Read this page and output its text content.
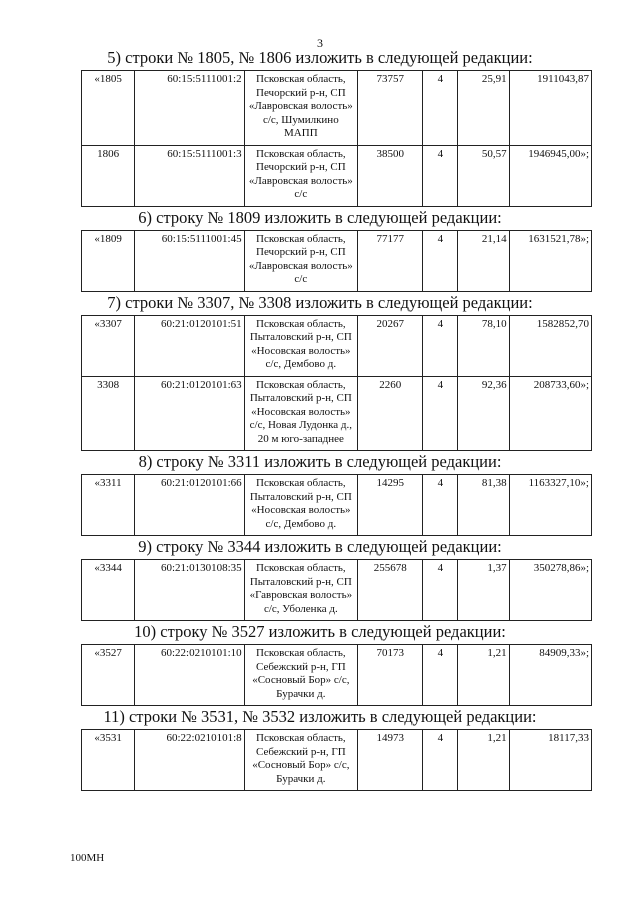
3
5) строки № 1805, № 1806 изложить в следующей редакции:
«1805	60:15:5111001:2	Псковская область, Печорский р-н, СП «Лавровская волость» с/с, Шумилкино МАПП	73757	4	25,91	1911043,87
1806	60:15:5111001:3	Псковская область, Печорский р-н, СП «Лавровская волость» с/с	38500	4	50,57	1946945,00»;
6) строку № 1809 изложить в следующей редакции:
«1809	60:15:5111001:45	Псковская область, Печорский р-н, СП «Лавровская волость» с/с	77177	4	21,14	1631521,78»;
7) строки № 3307, № 3308 изложить в следующей редакции:
«3307	60:21:0120101:51	Псковская область, Пыталовский р-н, СП «Носовская волость» с/с, Дембово д.	20267	4	78,10	1582852,70
3308	60:21:0120101:63	Псковская область, Пыталовский р-н, СП «Носовская волость» с/с, Новая Лудонка д., 20 м юго-западнее	2260	4	92,36	208733,60»;
8) строку № 3311 изложить в следующей редакции:
«3311	60:21:0120101:66	Псковская область, Пыталовский р-н, СП «Носовская волость» с/с, Дембово д.	14295	4	81,38	1163327,10»;
9) строку № 3344 изложить в следующей редакции:
«3344	60:21:0130108:35	Псковская область, Пыталовский р-н, СП «Гавровская волость» с/с, Уболенка д.	255678	4	1,37	350278,86»;
10) строку № 3527 изложить в следующей редакции:
«3527	60:22:0210101:10	Псковская область, Себежский р-н, ГП «Сосновый Бор» с/с, Бурачки д.	70173	4	1,21	84909,33»;
11) строки № 3531, № 3532 изложить в следующей редакции:
«3531	60:22:0210101:8	Псковская область, Себежский р-н, ГП «Сосновый Бор» с/с, Бурачки д.	14973	4	1,21	18117,33
100МН
